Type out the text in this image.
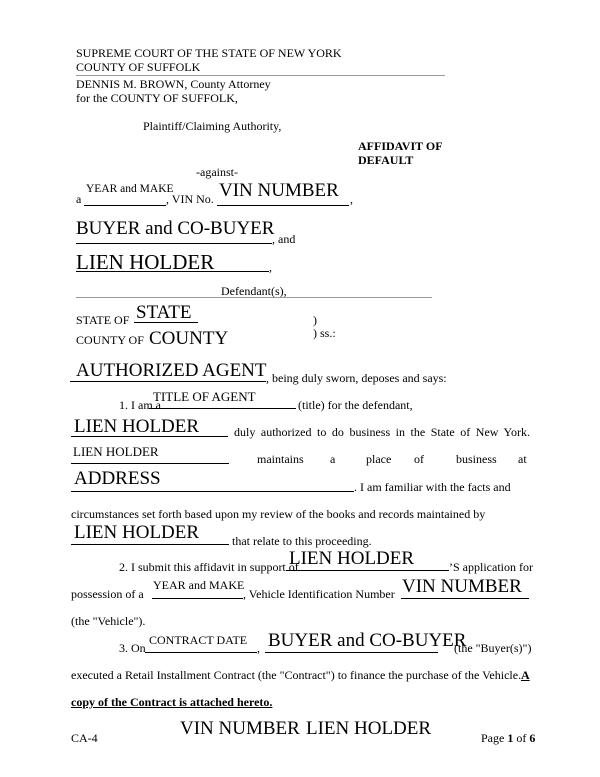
SUPREME COURT OF THE STATE OF NEW YORK
COUNTY OF SUFFOLK
DENNIS M. BROWN, County Attorney
for the COUNTY OF SUFFOLK,
Plaintiff/Claiming Authority,
AFFIDAVIT OF
DEFAULT
-against-
a
YEAR and MAKE
, VIN No. VIN NUMBER ,
BUYER and CO-BUYER
, and
LIEN HOLDER	,
Defendant(s),
STATE OF STATE	)
COUNTY OF COUNTY	) ss.:
AUTHORIZED AGENT , being duly sworn, deposes and says:
1. I am a
TITLE OF AGENT
(title) for the defendant,
LIEN HOLDER	duly authorized to do business in the State of New York.
LIEN HOLDER	maintains a	place of	business at
ADDRESS	. I am familiar with the facts and
circumstances set forth based upon my review of the books and records maintained by
LIEN HOLDER	that relate to this proceeding.
2. I submit this affidavit in support of
LIEN HOLDER	’S application for
possession of a
YEAR and MAKE
, Vehicle Identification Number VIN NUMBER
(the "Vehicle").
3. On
CONTRACT DATE
, BUYER and CO-BUYER
(the "Buyer(s)")
executed a Retail Installment Contract (the "Contract") to finance the purchase of the Vehicle. A
copy of the Contract is attached hereto.
CA-4	VIN NUMBER LIEN HOLDER	Page 1 of 6
